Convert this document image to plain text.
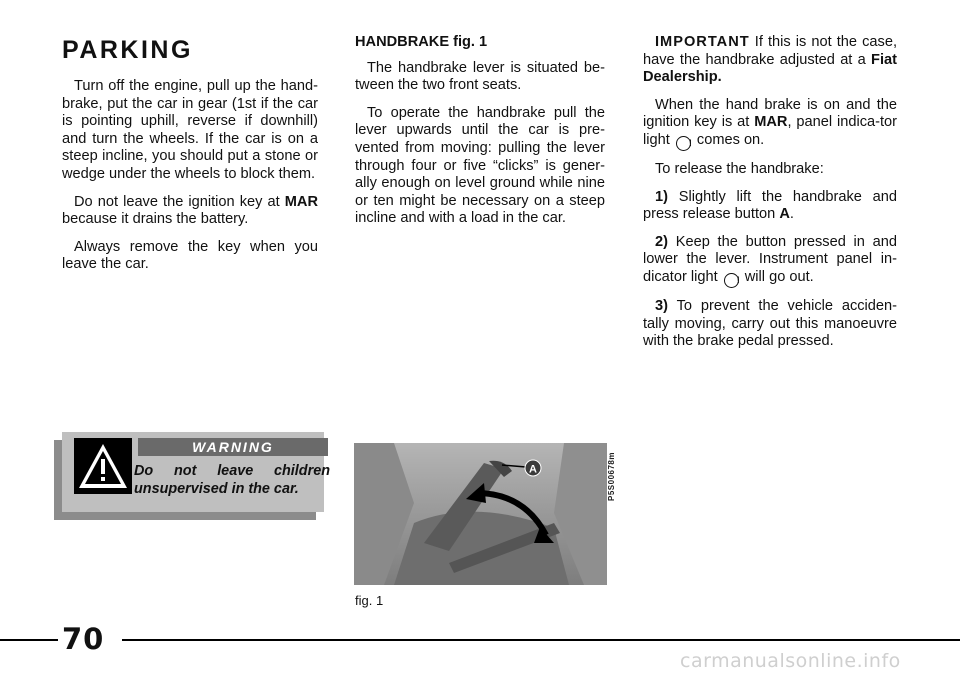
PARKING

Turn off the engine, pull up the hand-brake, put the car in gear (1st if the car is pointing uphill, reverse if downhill) and turn the wheels. If the car is on a steep incline, you should put a stone or wedge under the wheels to block them.

Do not leave the ignition key at MAR because it drains the battery.

Always remove the key when you leave the car.

HANDBRAKE fig. 1

The handbrake lever is situated be-tween the two front seats.

To operate the handbrake pull the lever upwards until the car is pre-vented from moving: pulling the lever through four or five “clicks” is gener-ally enough on level ground while nine or ten might be necessary on a steep incline and with a load in the car.

IMPORTANT If this is not the case, have the handbrake adjusted at a Fiat Dealership.

When the hand brake is on and the ignition key is at MAR, panel indica-tor light ! comes on.

To release the handbrake:

1) Slightly lift the handbrake and press release button A.

2) Keep the button pressed in and lower the lever. Instrument panel in-dicator light ! will go out.

3) To prevent the vehicle acciden-tally moving, carry out this manoeuvre with the brake pedal pressed.

WARNING
Do not leave children unsupervised in the car.
A	P5S00678m
fig. 1
70
carmanualsonline.info
